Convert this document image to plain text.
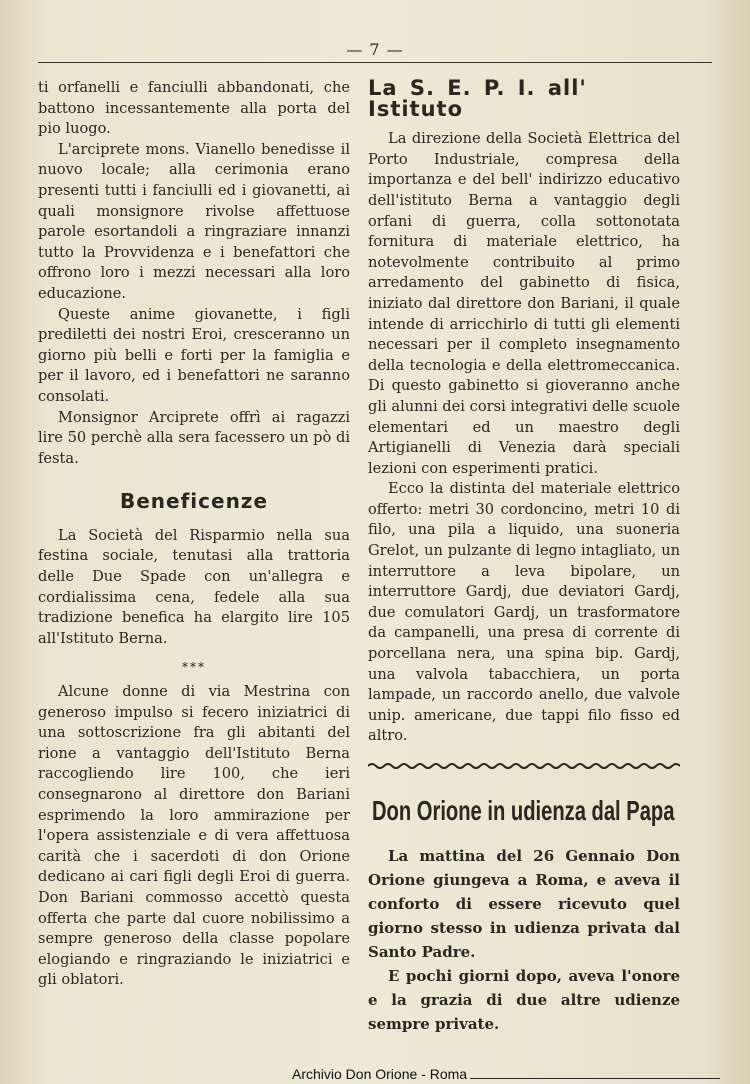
— 7 —

ti orfanelli e fanciulli abbandonati, che battono incessantemente alla porta del pio luogo.

L'arciprete mons. Vianello benedisse il nuovo locale; alla cerimonia erano presenti tutti i fanciulli ed i giovanetti, ai quali monsignore rivolse affettuose parole esortandoli a ringraziare innanzi tutto la Provvidenza e i benefattori che offrono loro i mezzi necessari alla loro educazione.

Queste anime giovanette, i figli prediletti dei nostri Eroi, cresceranno un giorno più belli e forti per la famiglia e per il lavoro, ed i benefattori ne saranno consolati.

Monsignor Arciprete offrì ai ragazzi lire 50 perchè alla sera facessero un pò di festa.

Beneficenze

La Società del Risparmio nella sua festina sociale, tenutasi alla trattoria delle Due Spade con un'allegra e cordialissima cena, fedele alla sua tradizione benefica ha elargito lire 105 all'Istituto Berna.

***

Alcune donne di via Mestrina con generoso impulso si fecero iniziatrici di una sottoscrizione fra gli abitanti del rione a vantaggio dell'Istituto Berna raccogliendo lire 100, che ieri consegnarono al direttore don Bariani esprimendo la loro ammirazione per l'opera assistenziale e di vera affettuosa carità che i sacerdoti di don Orione dedicano ai cari figli degli Eroi di guerra. Don Bariani commosso accettò questa offerta che parte dal cuore nobilissimo a sempre generoso della classe popolare elogiando e ringraziando le iniziatrici e gli oblatori.

La S. E. P. I. all' Istituto

La direzione della Società Elettrica del Porto Industriale, compresa della importanza e del bell' indirizzo educativo dell'istituto Berna a vantaggio degli orfani di guerra, colla sottonotata fornitura di materiale elettrico, ha notevolmente contribuito al primo arredamento del gabinetto di fisica, iniziato dal direttore don Bariani, il quale intende di arricchirlo di tutti gli elementi necessari per il completo insegnamento della tecnologia e della elettromeccanica. Di questo gabinetto si gioveranno anche gli alunni dei corsi integrativi delle scuole elementari ed un maestro degli Artigianelli di Venezia darà speciali lezioni con esperimenti pratici.

Ecco la distinta del materiale elettrico offerto: metri 30 cordoncino, metri 10 di filo, una pila a liquido, una suoneria Grelot, un pulzante di legno intagliato, un interruttore a leva bipolare, un interruttore Gardj, due deviatori Gardj, due comulatori Gardj, un trasformatore da campanelli, una presa di corrente di porcellana nera, una spina bip. Gardj, una valvola tabacchiera, un porta lampade, un raccordo anello, due valvole unip. americane, due tappi filo fisso ed altro.

Don Orione in udienza dal Papa

La mattina del 26 Gennaio Don Orione giungeva a Roma, e aveva il conforto di essere ricevuto quel giorno stesso in udienza privata dal Santo Padre.

E pochi giorni dopo, aveva l'onore e la grazia di due altre udienze sempre private.

Archivio Don Orione - Roma
